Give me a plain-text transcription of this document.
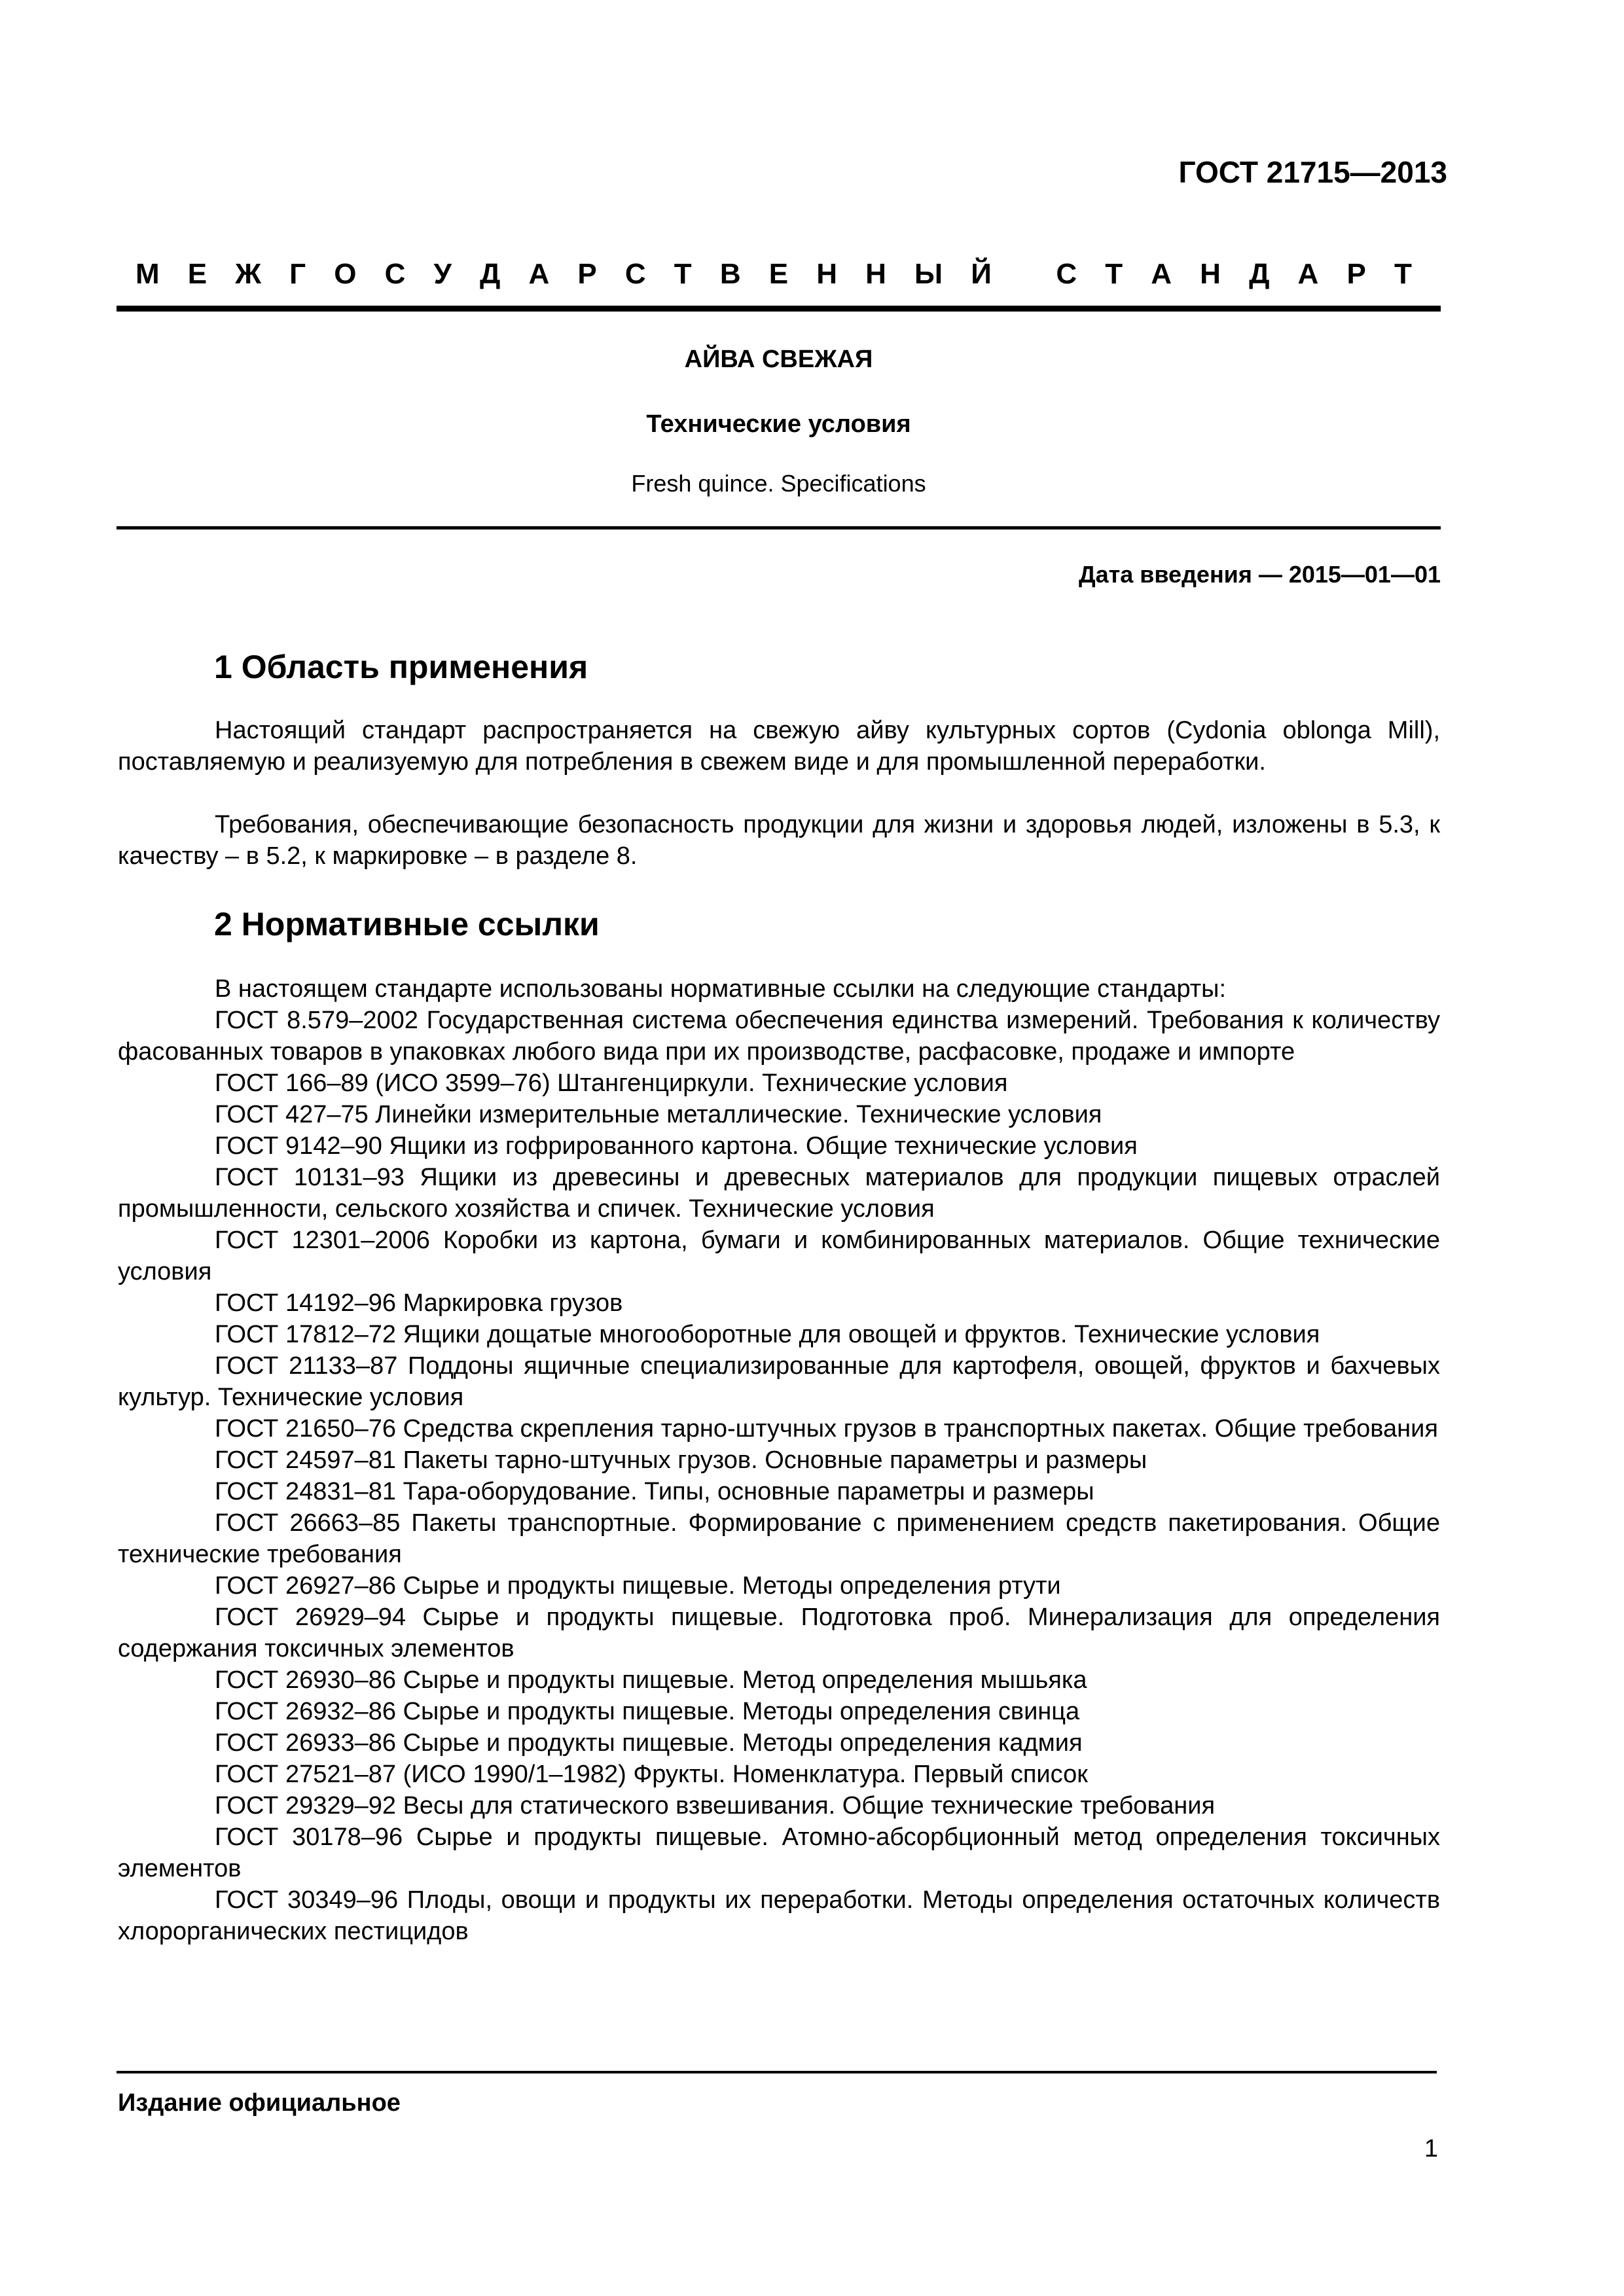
ГОСТ 21715—2013

М Е Ж Г О С У Д А Р С Т В Е Н Н Ы Й
С Т А Н Д А Р Т

АЙВА СВЕЖАЯ

Технические условия

Fresh quince. Specifications

Дата введения — 2015—01—01

1 Область применения

Настоящий стандарт распространяется на свежую айву культурных сортов (Cydonia oblonga Mill), поставляемую и реализуемую для потребления в свежем виде и для промышленной переработки.

Требования, обеспечивающие безопасность продукции для жизни и здоровья людей, изложены в 5.3, к качеству – в 5.2, к маркировке – в разделе 8.

2 Нормативные ссылки

В настоящем стандарте использованы нормативные ссылки на следующие стандарты:

ГОСТ 8.579–2002 Государственная система обеспечения единства измерений. Требования к количеству фасованных товаров в упаковках любого вида при их производстве, расфасовке, продаже и импорте

ГОСТ 166–89 (ИСО 3599–76) Штангенциркули. Технические условия

ГОСТ 427–75 Линейки измерительные металлические. Технические условия

ГОСТ 9142–90 Ящики из гофрированного картона. Общие технические условия

ГОСТ 10131–93 Ящики из древесины и древесных материалов для продукции пищевых отраслей промышленности, сельского хозяйства и спичек. Технические условия

ГОСТ 12301–2006 Коробки из картона, бумаги и комбинированных материалов. Общие технические условия

ГОСТ 14192–96 Маркировка грузов

ГОСТ 17812–72 Ящики дощатые многооборотные для овощей и фруктов. Технические условия

ГОСТ 21133–87 Поддоны ящичные специализированные для картофеля, овощей, фруктов и бахчевых культур. Технические условия

ГОСТ 21650–76 Средства скрепления тарно-штучных грузов в транспортных пакетах. Общие требования

ГОСТ 24597–81 Пакеты тарно-штучных грузов. Основные параметры и размеры

ГОСТ 24831–81 Тара-оборудование. Типы, основные параметры и размеры

ГОСТ 26663–85 Пакеты транспортные. Формирование с применением средств пакетирования. Общие технические требования

ГОСТ 26927–86 Сырье и продукты пищевые. Методы определения ртути

ГОСТ 26929–94 Сырье и продукты пищевые. Подготовка проб. Минерализация для определения содержания токсичных элементов

ГОСТ 26930–86 Сырье и продукты пищевые. Метод определения мышьяка

ГОСТ 26932–86 Сырье и продукты пищевые. Методы определения свинца

ГОСТ 26933–86 Сырье и продукты пищевые. Методы определения кадмия

ГОСТ 27521–87 (ИСО 1990/1–1982) Фрукты. Номенклатура. Первый список

ГОСТ 29329–92 Весы для статического взвешивания. Общие технические требования

ГОСТ 30178–96 Сырье и продукты пищевые. Атомно-абсорбционный метод определения токсичных элементов

ГОСТ 30349–96 Плоды, овощи и продукты их переработки. Методы определения остаточных количеств хлорорганических пестицидов

Издание официальное

1
